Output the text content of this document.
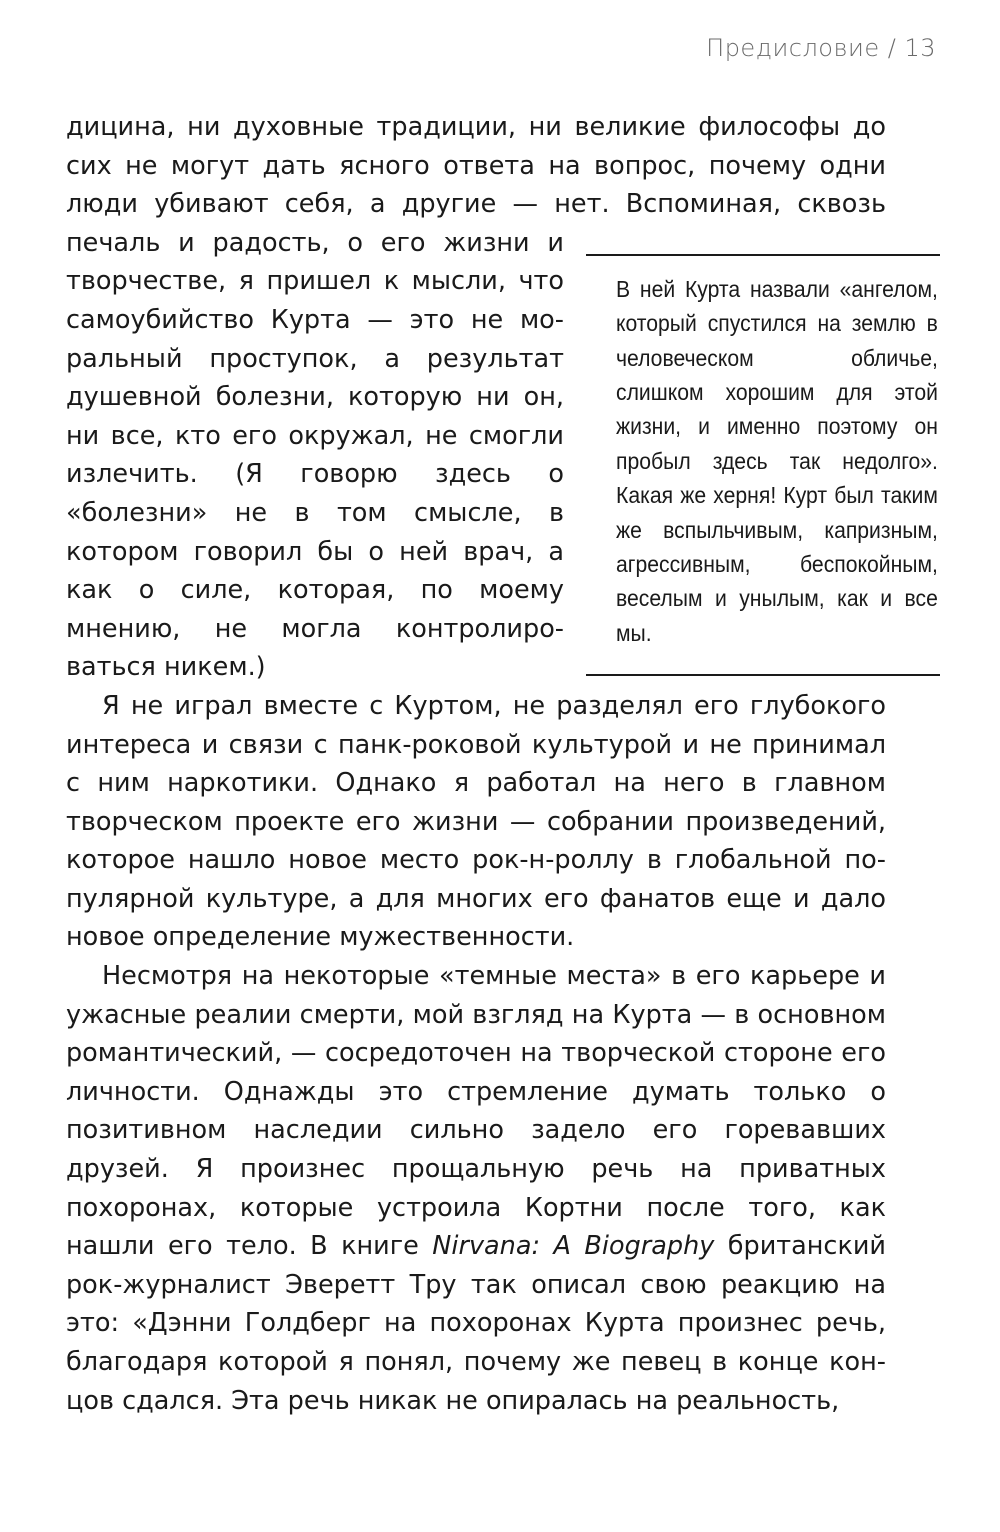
Предисловие / 13

дицина, ни духовные традиции, ни великие философы до сих не могут дать ясного ответа на вопрос, почему одни люди убивают себя, а другие — нет. Вспоминая, сквозь

В ней Курта назвали «ангелом, который спустился на землю в человеческом обличье, слишком хорошим для этой жизни, и именно поэтому он пробыл здесь так недолго». Какая же херня! Курт был таким же вспыльчивым, капризным, агрессивным, беспокойным, веселым и унылым, как и все мы.

печаль и радость, о его жизни и творчестве, я пришел к мысли, что самоубийство Курта — это не моральный проступок, а результат душевной болезни, которую ни он, ни все, кто его окружал, не смогли излечить. (Я говорю здесь о «болезни» не в том смысле, в котором говорил бы о ней врач, а как о силе, которая, по моему мнению, не могла контролироваться никем.)

Я не играл вместе с Куртом, не разделял его глубокого интереса и связи с панк-роковой культурой и не принимал с ним наркотики. Однако я работал на него в главном творческом проекте его жизни — собрании произведений, которое нашло новое место рок-н-роллу в глобальной популярной культуре, а для многих его фанатов еще и дало новое определение мужественности.

Несмотря на некоторые «темные места» в его карьере и ужасные реалии смерти, мой взгляд на Курта — в основном романтический, — сосредоточен на творческой стороне его личности. Однажды это стремление думать только о позитивном наследии сильно задело его горевавших друзей. Я произнес прощальную речь на приватных похоронах, которые устроила Кортни после того, как нашли его тело. В книге Nirvana: A Biography британский рок-журналист Эверетт Тру так описал свою реакцию на это: «Дэнни Голдберг на похоронах Курта произнес речь, благодаря которой я понял, почему же певец в конце концов сдался. Эта речь никак не опиралась на реальность,
